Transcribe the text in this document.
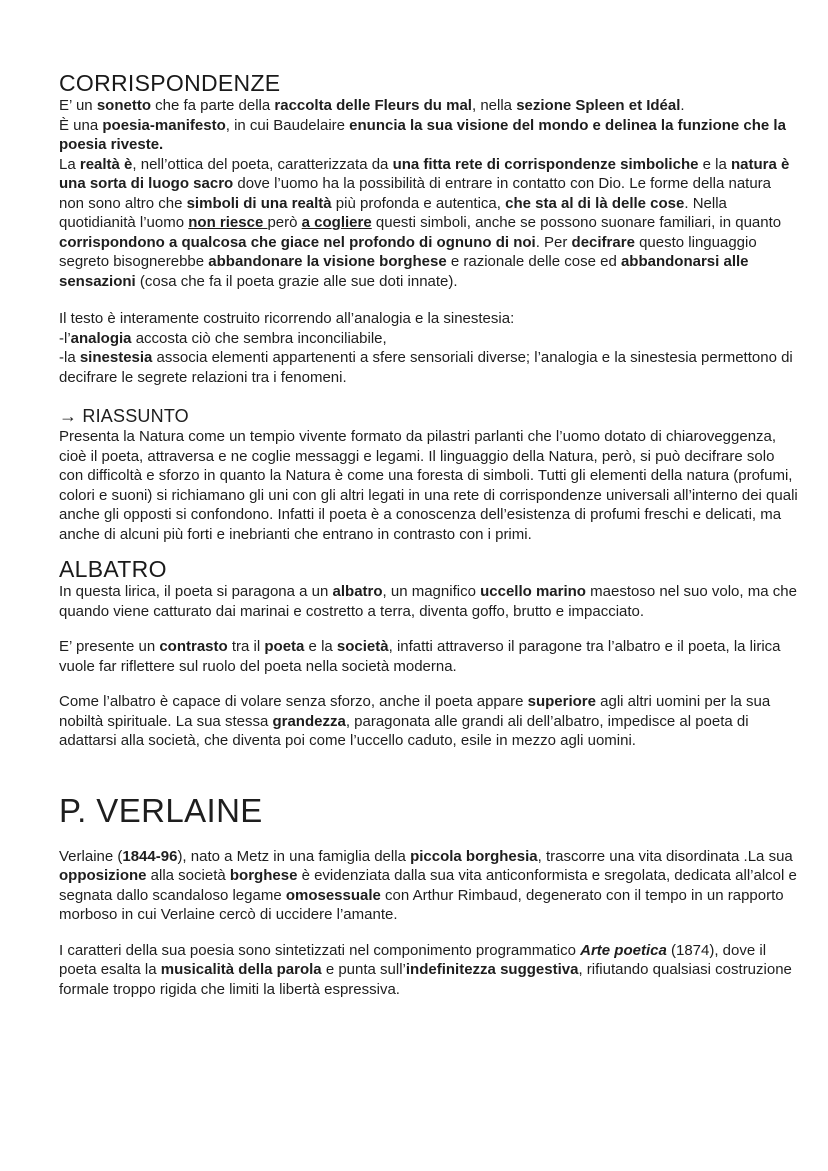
CORRISPONDENZE

E’ un sonetto che fa parte della raccolta delle Fleurs du mal, nella sezione Spleen et Idéal.

È una poesia-manifesto, in cui Baudelaire enuncia la sua visione del mondo e delinea la funzione che la poesia riveste.

La realtà è, nell’ottica del poeta, caratterizzata da una fitta rete di corrispondenze simboliche e la natura è una sorta di luogo sacro dove l’uomo ha la possibilità di entrare in contatto con Dio. Le forme della natura non sono altro che simboli di una realtà più profonda e autentica, che sta al di là delle cose. Nella quotidianità l’uomo non riesce però a cogliere questi simboli, anche se possono suonare familiari, in quanto corrispondono a qualcosa che giace nel profondo di ognuno di noi. Per decifrare questo linguaggio segreto bisognerebbe abbandonare la visione borghese e razionale delle cose ed abbandonarsi alle sensazioni (cosa che fa il poeta grazie alle sue doti innate).

Il testo è interamente costruito ricorrendo all’analogia e la sinestesia:

-l’analogia accosta ciò che sembra inconciliabile,

-la sinestesia associa elementi appartenenti a sfere sensoriali diverse; l’analogia e la sinestesia permettono di decifrare le segrete relazioni tra i fenomeni.

→ RIASSUNTO

Presenta la Natura come un tempio vivente formato da pilastri parlanti che l’uomo dotato di chiaroveggenza, cioè il poeta, attraversa e ne coglie messaggi e legami. Il linguaggio della Natura, però, si può decifrare solo con difficoltà e sforzo in quanto la Natura è come una foresta di simboli. Tutti gli elementi della natura (profumi, colori e suoni) si richiamano gli uni con gli altri legati in una rete di corrispondenze universali all’interno dei quali anche gli opposti si confondono. Infatti il poeta è a conoscenza dell’esistenza di profumi freschi e delicati, ma anche di alcuni più forti e inebrianti che entrano in contrasto con i primi.

ALBATRO

In questa lirica, il poeta si paragona a un albatro, un magnifico uccello marino maestoso nel suo volo, ma che quando viene catturato dai marinai e costretto a terra, diventa goffo, brutto e impacciato.

E’ presente un contrasto tra il poeta e la società, infatti attraverso il paragone tra l’albatro e il poeta, la lirica vuole far riflettere sul ruolo del poeta nella società moderna.

Come l’albatro è capace di volare senza sforzo, anche il poeta appare superiore agli altri uomini per la sua nobiltà spirituale. La sua stessa grandezza, paragonata alle grandi ali dell’albatro, impedisce al poeta di adattarsi alla società, che diventa poi come l’uccello caduto, esile in mezzo agli uomini.

P. VERLAINE

Verlaine (1844-96), nato a Metz in una famiglia della piccola borghesia, trascorre una vita disordinata .La sua opposizione alla società borghese è evidenziata dalla sua vita anticonformista e sregolata, dedicata all’alcol e segnata dallo scandaloso legame omosessuale con Arthur Rimbaud, degenerato con il tempo in un rapporto morboso in cui Verlaine cercò di uccidere l’amante.

I caratteri della sua poesia sono sintetizzati nel componimento programmatico Arte poetica (1874), dove il poeta esalta la musicalità della parola e punta sull’indefinitezza suggestiva, rifiutando qualsiasi costruzione formale troppo rigida che limiti la libertà espressiva.
